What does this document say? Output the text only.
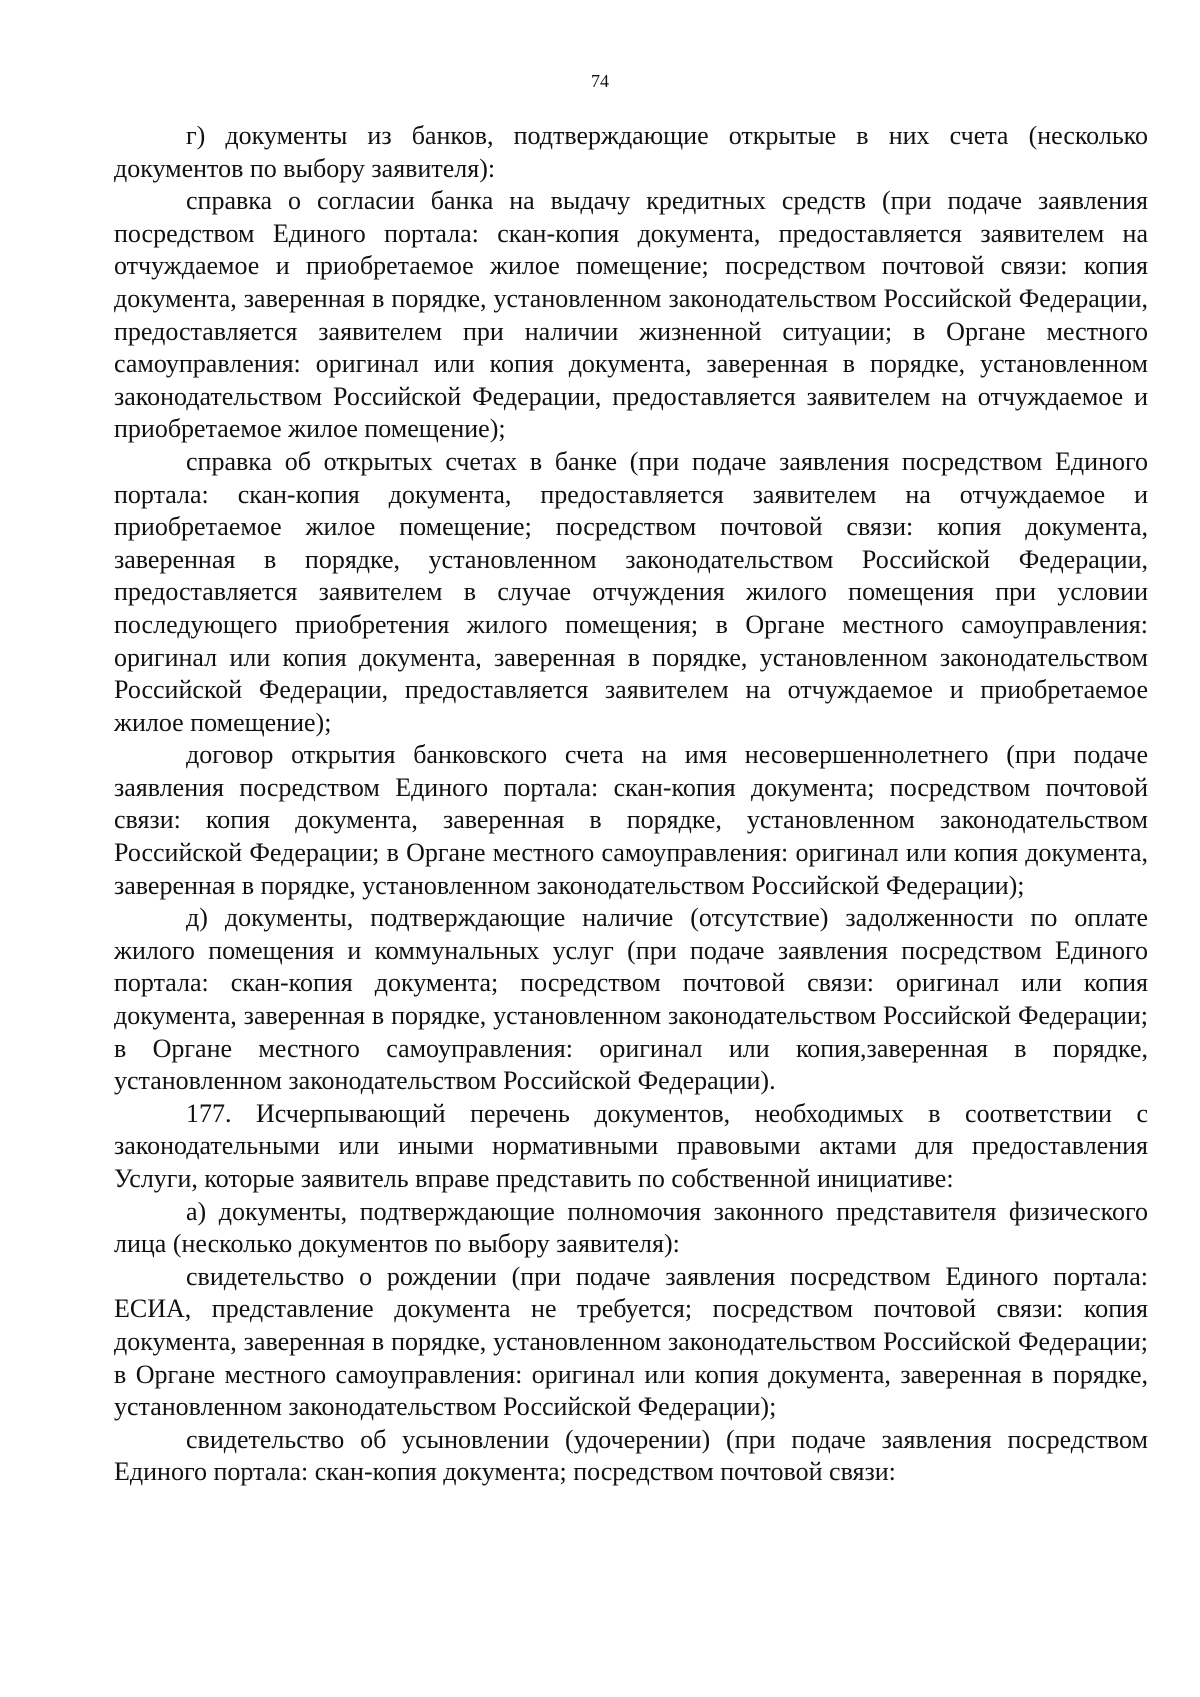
74

г) документы из банков, подтверждающие открытые в них счета (несколько документов по выбору заявителя):

справка о согласии банка на выдачу кредитных средств (при подаче заявления посредством Единого портала: скан-копия документа, предоставляется заявителем на отчуждаемое и приобретаемое жилое помещение; посредством почтовой связи: копия документа, заверенная в порядке, установленном законодательством Российской Федерации, предоставляется заявителем при наличии жизненной ситуации; в Органе местного самоуправления: оригинал или копия документа, заверенная в порядке, установленном законодательством Российской Федерации, предоставляется заявителем на отчуждаемое и приобретаемое жилое помещение);

справка об открытых счетах в банке (при подаче заявления посредством Единого портала: скан-копия документа, предоставляется заявителем на отчуждаемое и приобретаемое жилое помещение; посредством почтовой связи: копия документа, заверенная в порядке, установленном законодательством Российской Федерации, предоставляется заявителем в случае отчуждения жилого помещения при условии последующего приобретения жилого помещения; в Органе местного самоуправления: оригинал или копия документа, заверенная в порядке, установленном законодательством Российской Федерации, предоставляется заявителем на отчуждаемое и приобретаемое жилое помещение);

договор открытия банковского счета на имя несовершеннолетнего (при подаче заявления посредством Единого портала: скан-копия документа; посредством почтовой связи: копия документа, заверенная в порядке, установленном законодательством Российской Федерации; в Органе местного самоуправления: оригинал или копия документа, заверенная в порядке, установленном законодательством Российской Федерации);

д) документы, подтверждающие наличие (отсутствие) задолженности по оплате жилого помещения и коммунальных услуг (при подаче заявления посредством Единого портала: скан-копия документа; посредством почтовой связи: оригинал или копия документа, заверенная в порядке, установленном законодательством Российской Федерации; в Органе местного самоуправления: оригинал или копия,заверенная в порядке, установленном законодательством Российской Федерации).

177. Исчерпывающий перечень документов, необходимых в соответствии с законодательными или иными нормативными правовыми актами для предоставления Услуги, которые заявитель вправе представить по собственной инициативе:

а) документы, подтверждающие полномочия законного представителя физического лица (несколько документов по выбору заявителя):

свидетельство о рождении (при подаче заявления посредством Единого портала: ЕСИА, представление документа не требуется; посредством почтовой связи: копия документа, заверенная в порядке, установленном законодательством Российской Федерации; в Органе местного самоуправления: оригинал или копия документа, заверенная в порядке, установленном законодательством Российской Федерации);

свидетельство об усыновлении (удочерении) (при подаче заявления посредством Единого портала: скан-копия документа; посредством почтовой связи:
